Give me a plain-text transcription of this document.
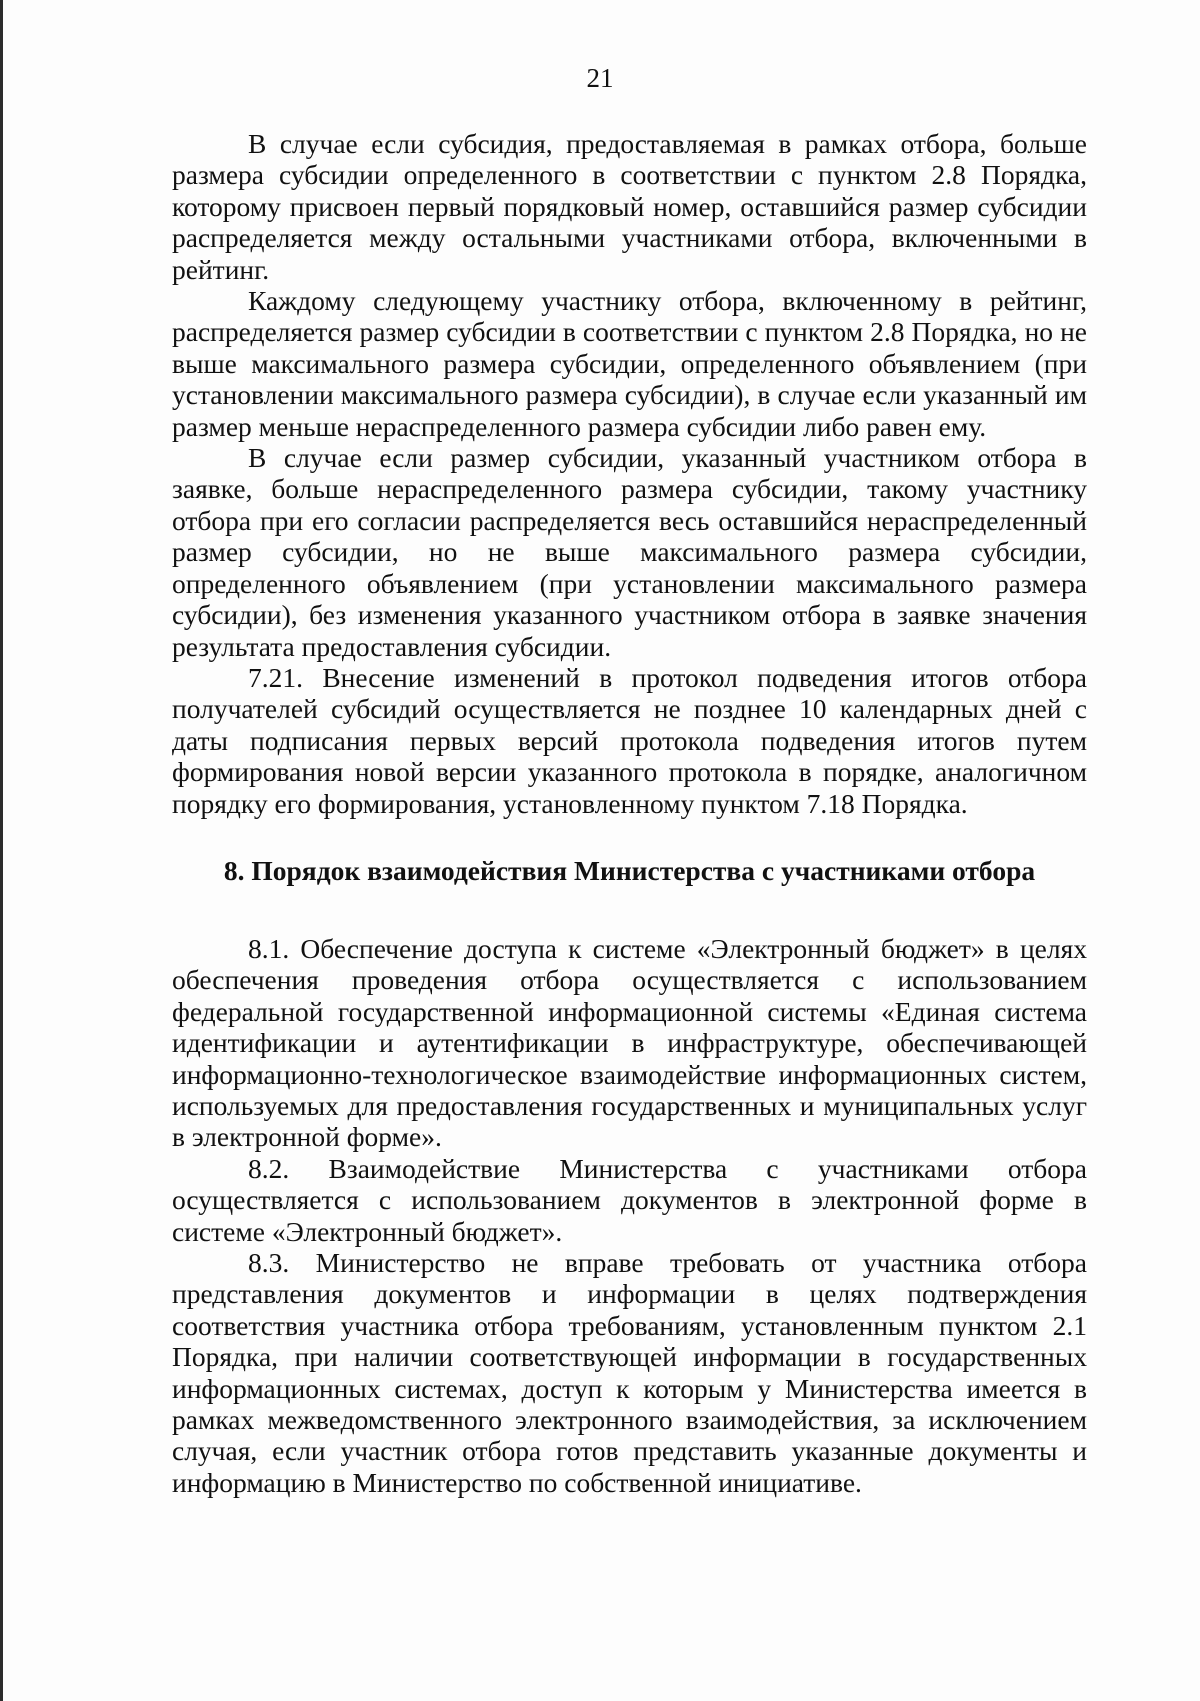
21

В случае если субсидия, предоставляемая в рамках отбора, больше размера субсидии определенного в соответствии с пунктом 2.8 Порядка, которому присвоен первый порядковый номер, оставшийся размер субсидии распределяется между остальными участниками отбора, включенными в рейтинг.

Каждому следующему участнику отбора, включенному в рейтинг, распределяется размер субсидии в соответствии с пунктом 2.8 Порядка, но не выше максимального размера субсидии, определенного объявлением (при установлении максимального размера субсидии), в случае если указанный им размер меньше нераспределенного размера субсидии либо равен ему.

В случае если размер субсидии, указанный участником отбора в заявке, больше нераспределенного размера субсидии, такому участнику отбора при его согласии распределяется весь оставшийся нераспределенный размер субсидии, но не выше максимального размера субсидии, определенного объявлением (при установлении максимального размера субсидии), без изменения указанного участником отбора в заявке значения результата предоставления субсидии.

7.21. Внесение изменений в протокол подведения итогов отбора получателей субсидий осуществляется не позднее 10 календарных дней с даты подписания первых версий протокола подведения итогов путем формирования новой версии указанного протокола в порядке, аналогичном порядку его формирования, установленному пунктом 7.18 Порядка.

8. Порядок взаимодействия Министерства с участниками отбора

8.1. Обеспечение доступа к системе «Электронный бюджет» в целях обеспечения проведения отбора осуществляется с использованием федеральной государственной информационной системы «Единая система идентификации и аутентификации в инфраструктуре, обеспечивающей информационно-технологическое взаимодействие информационных систем, используемых для предоставления государственных и муниципальных услуг в электронной форме».

8.2. Взаимодействие Министерства с участниками отбора осуществляется с использованием документов в электронной форме в системе «Электронный бюджет».

8.3. Министерство не вправе требовать от участника отбора представления документов и информации в целях подтверждения соответствия участника отбора требованиям, установленным пунктом 2.1 Порядка, при наличии соответствующей информации в государственных информационных системах, доступ к которым у Министерства имеется в рамках межведомственного электронного взаимодействия, за исключением случая, если участник отбора готов представить указанные документы и информацию в Министерство по собственной инициативе.
